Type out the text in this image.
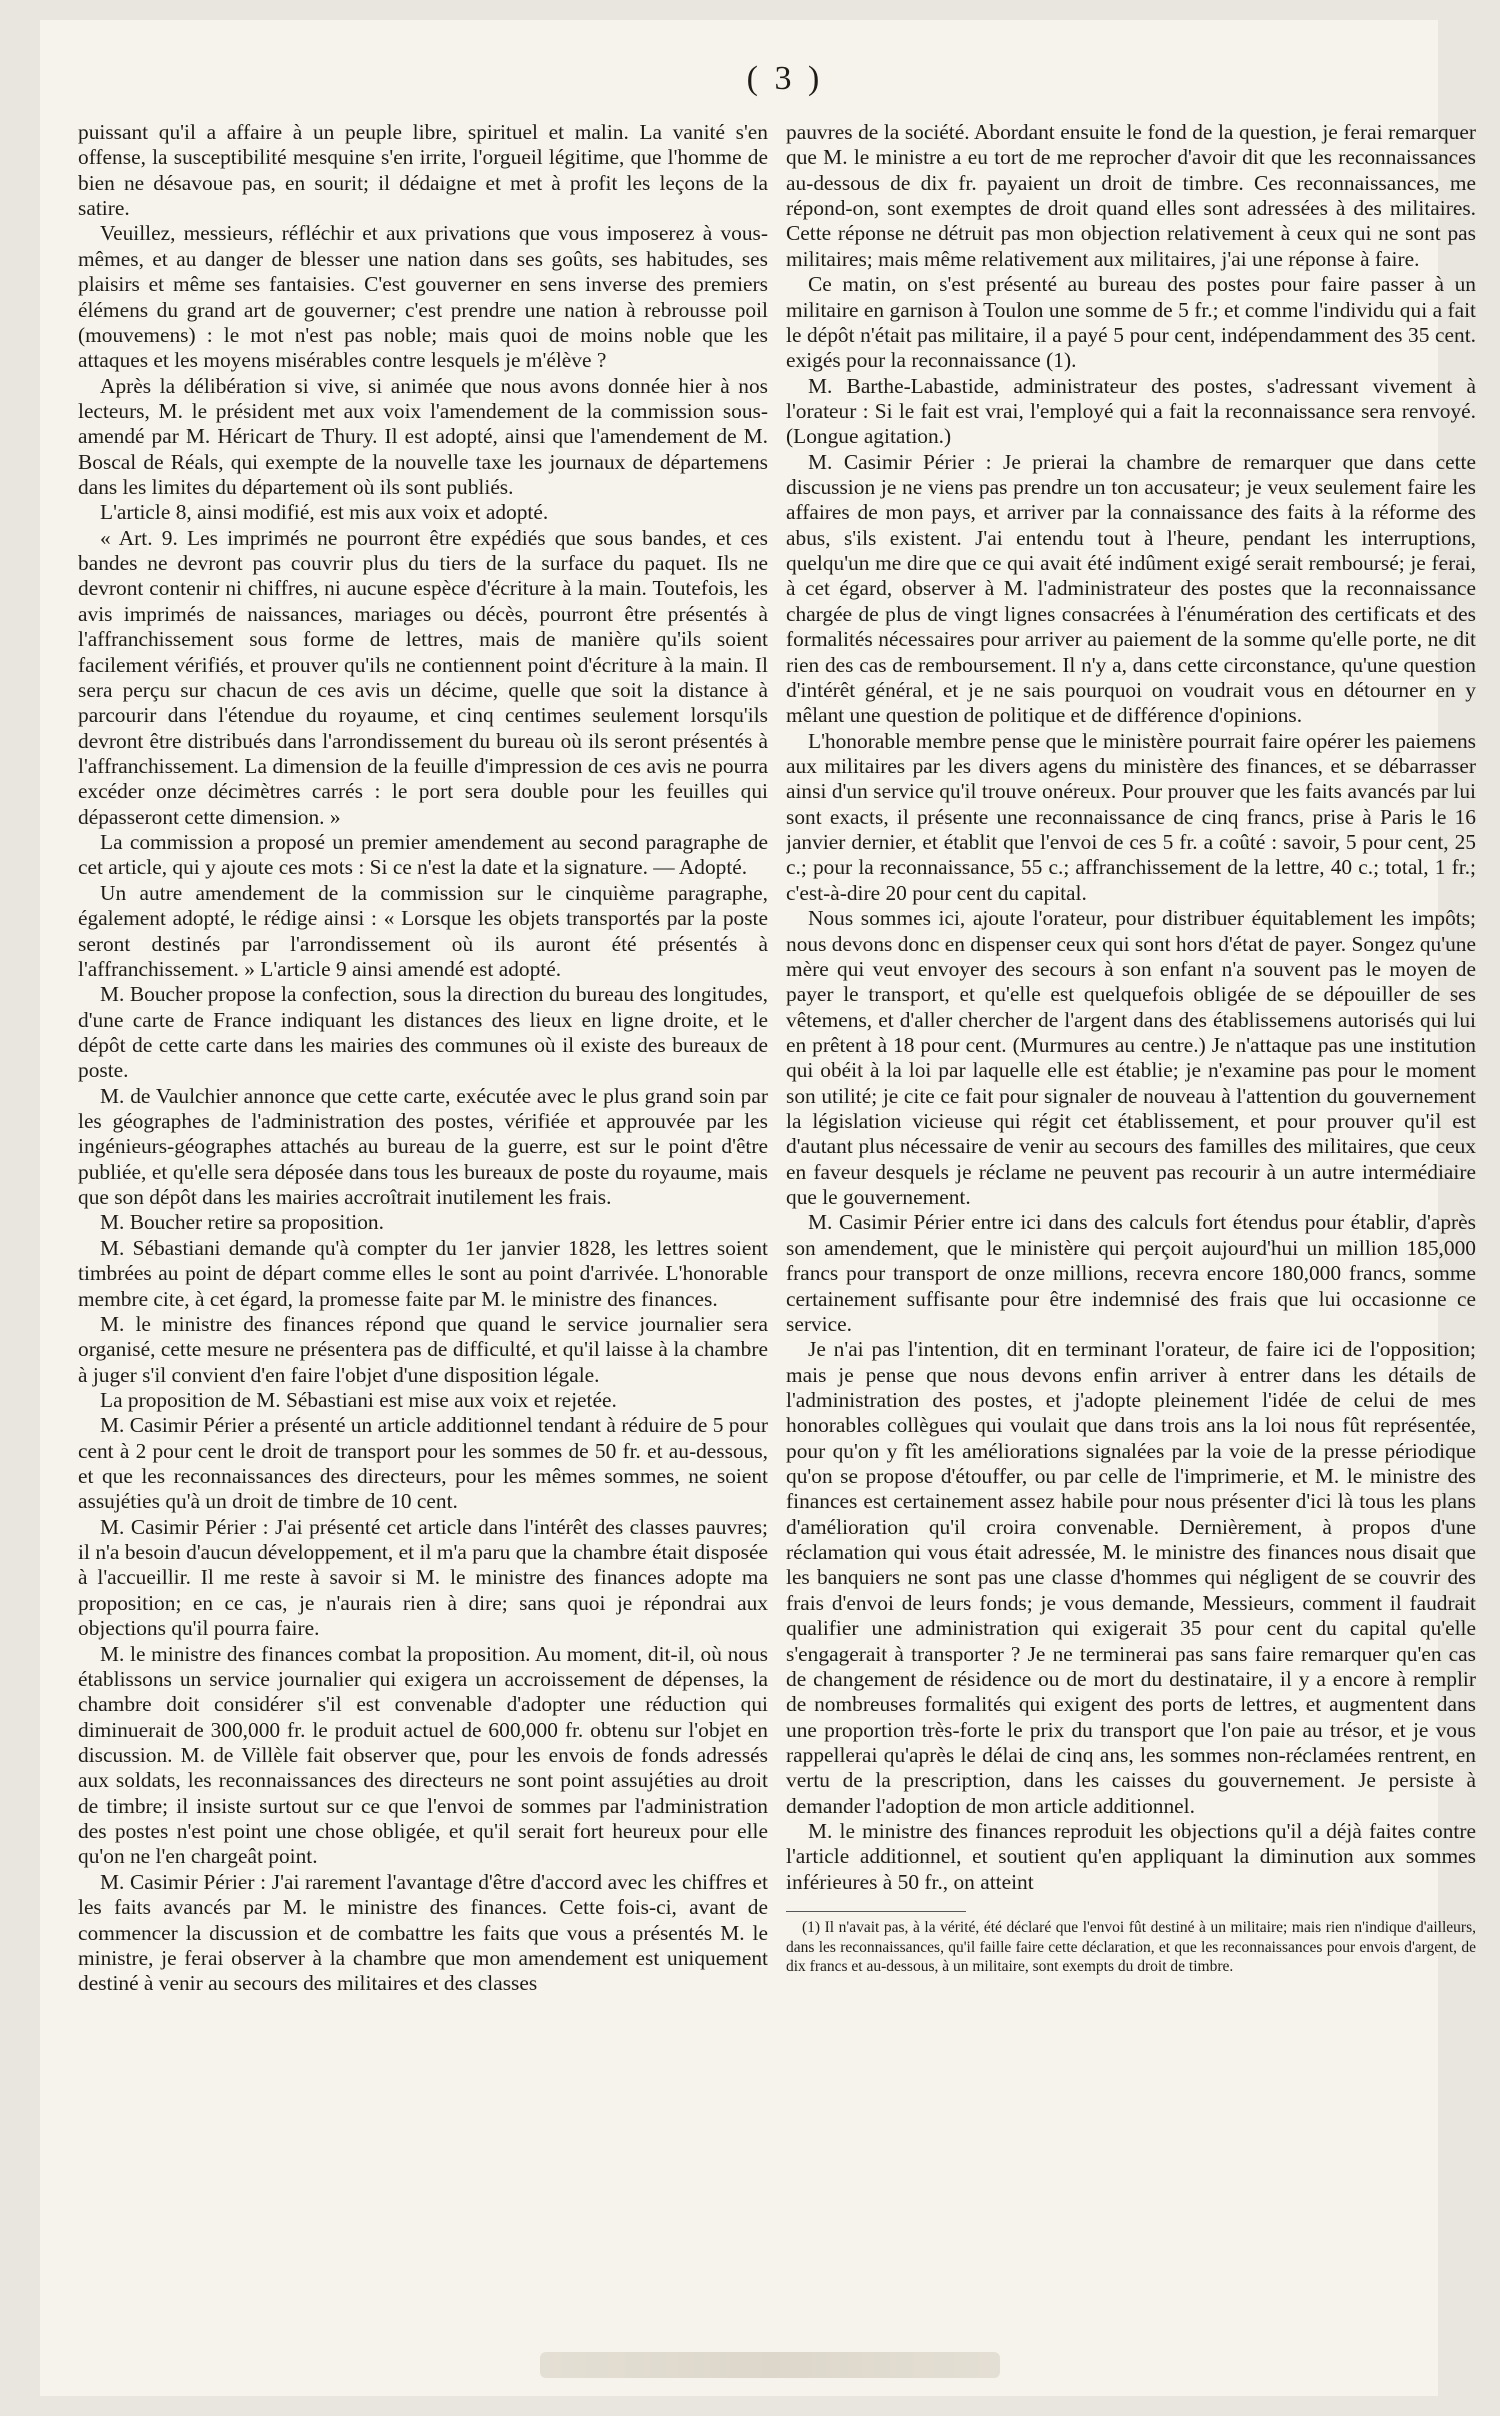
( 3 )

puissant qu'il a affaire à un peuple libre, spirituel et malin. La vanité s'en offense, la susceptibilité mesquine s'en irrite, l'orgueil légitime, que l'homme de bien ne désavoue pas, en sourit; il dédaigne et met à profit les leçons de la satire.

Veuillez, messieurs, réfléchir et aux privations que vous imposerez à vous-mêmes, et au danger de blesser une nation dans ses goûts, ses habitudes, ses plaisirs et même ses fantaisies. C'est gouverner en sens inverse des premiers élémens du grand art de gouverner; c'est prendre une nation à rebrousse poil (mouvemens) : le mot n'est pas noble; mais quoi de moins noble que les attaques et les moyens misérables contre lesquels je m'élève ?

Après la délibération si vive, si animée que nous avons donnée hier à nos lecteurs, M. le président met aux voix l'amendement de la commission sous-amendé par M. Héricart de Thury. Il est adopté, ainsi que l'amendement de M. Boscal de Réals, qui exempte de la nouvelle taxe les journaux de départemens dans les limites du département où ils sont publiés.

L'article 8, ainsi modifié, est mis aux voix et adopté.

« Art. 9. Les imprimés ne pourront être expédiés que sous bandes, et ces bandes ne devront pas couvrir plus du tiers de la surface du paquet. Ils ne devront contenir ni chiffres, ni aucune espèce d'écriture à la main. Toutefois, les avis imprimés de naissances, mariages ou décès, pourront être présentés à l'affranchissement sous forme de lettres, mais de manière qu'ils soient facilement vérifiés, et prouver qu'ils ne contiennent point d'écriture à la main. Il sera perçu sur chacun de ces avis un décime, quelle que soit la distance à parcourir dans l'étendue du royaume, et cinq centimes seulement lorsqu'ils devront être distribués dans l'arrondissement du bureau où ils seront présentés à l'affranchissement. La dimension de la feuille d'impression de ces avis ne pourra excéder onze décimètres carrés : le port sera double pour les feuilles qui dépasseront cette dimension. »

La commission a proposé un premier amendement au second paragraphe de cet article, qui y ajoute ces mots : Si ce n'est la date et la signature. — Adopté.

Un autre amendement de la commission sur le cinquième paragraphe, également adopté, le rédige ainsi : « Lorsque les objets transportés par la poste seront destinés par l'arrondissement où ils auront été présentés à l'affranchissement. » L'article 9 ainsi amendé est adopté.

M. Boucher propose la confection, sous la direction du bureau des longitudes, d'une carte de France indiquant les distances des lieux en ligne droite, et le dépôt de cette carte dans les mairies des communes où il existe des bureaux de poste.

M. de Vaulchier annonce que cette carte, exécutée avec le plus grand soin par les géographes de l'administration des postes, vérifiée et approuvée par les ingénieurs-géographes attachés au bureau de la guerre, est sur le point d'être publiée, et qu'elle sera déposée dans tous les bureaux de poste du royaume, mais que son dépôt dans les mairies accroîtrait inutilement les frais.

M. Boucher retire sa proposition.

M. Sébastiani demande qu'à compter du 1er janvier 1828, les lettres soient timbrées au point de départ comme elles le sont au point d'arrivée. L'honorable membre cite, à cet égard, la promesse faite par M. le ministre des finances.

M. le ministre des finances répond que quand le service journalier sera organisé, cette mesure ne présentera pas de difficulté, et qu'il laisse à la chambre à juger s'il convient d'en faire l'objet d'une disposition légale.

La proposition de M. Sébastiani est mise aux voix et rejetée.

M. Casimir Périer a présenté un article additionnel tendant à réduire de 5 pour cent à 2 pour cent le droit de transport pour les sommes de 50 fr. et au-dessous, et que les reconnaissances des directeurs, pour les mêmes sommes, ne soient assujéties qu'à un droit de timbre de 10 cent.

M. Casimir Périer : J'ai présenté cet article dans l'intérêt des classes pauvres; il n'a besoin d'aucun développement, et il m'a paru que la chambre était disposée à l'accueillir. Il me reste à savoir si M. le ministre des finances adopte ma proposition; en ce cas, je n'aurais rien à dire; sans quoi je répondrai aux objections qu'il pourra faire.

M. le ministre des finances combat la proposition. Au moment, dit-il, où nous établissons un service journalier qui exigera un accroissement de dépenses, la chambre doit considérer s'il est convenable d'adopter une réduction qui diminuerait de 300,000 fr. le produit actuel de 600,000 fr. obtenu sur l'objet en discussion. M. de Villèle fait observer que, pour les envois de fonds adressés aux soldats, les reconnaissances des directeurs ne sont point assujéties au droit de timbre; il insiste surtout sur ce que l'envoi de sommes par l'administration des postes n'est point une chose obligée, et qu'il serait fort heureux pour elle qu'on ne l'en chargeât point.

M. Casimir Périer : J'ai rarement l'avantage d'être d'accord avec les chiffres et les faits avancés par M. le ministre des finances. Cette fois-ci, avant de commencer la discussion et de combattre les faits que vous a présentés M. le ministre, je ferai observer à la chambre que mon amendement est uniquement destiné à venir au secours des militaires et des classes

pauvres de la société. Abordant ensuite le fond de la question, je ferai remarquer que M. le ministre a eu tort de me reprocher d'avoir dit que les reconnaissances au-dessous de dix fr. payaient un droit de timbre. Ces reconnaissances, me répond-on, sont exemptes de droit quand elles sont adressées à des militaires. Cette réponse ne détruit pas mon objection relativement à ceux qui ne sont pas militaires; mais même relativement aux militaires, j'ai une réponse à faire.

Ce matin, on s'est présenté au bureau des postes pour faire passer à un militaire en garnison à Toulon une somme de 5 fr.; et comme l'individu qui a fait le dépôt n'était pas militaire, il a payé 5 pour cent, indépendamment des 35 cent. exigés pour la reconnaissance (1).

M. Barthe-Labastide, administrateur des postes, s'adressant vivement à l'orateur : Si le fait est vrai, l'employé qui a fait la reconnaissance sera renvoyé. (Longue agitation.)

M. Casimir Périer : Je prierai la chambre de remarquer que dans cette discussion je ne viens pas prendre un ton accusateur; je veux seulement faire les affaires de mon pays, et arriver par la connaissance des faits à la réforme des abus, s'ils existent. J'ai entendu tout à l'heure, pendant les interruptions, quelqu'un me dire que ce qui avait été indûment exigé serait remboursé; je ferai, à cet égard, observer à M. l'administrateur des postes que la reconnaissance chargée de plus de vingt lignes consacrées à l'énumération des certificats et des formalités nécessaires pour arriver au paiement de la somme qu'elle porte, ne dit rien des cas de remboursement. Il n'y a, dans cette circonstance, qu'une question d'intérêt général, et je ne sais pourquoi on voudrait vous en détourner en y mêlant une question de politique et de différence d'opinions.

L'honorable membre pense que le ministère pourrait faire opérer les paiemens aux militaires par les divers agens du ministère des finances, et se débarrasser ainsi d'un service qu'il trouve onéreux. Pour prouver que les faits avancés par lui sont exacts, il présente une reconnaissance de cinq francs, prise à Paris le 16 janvier dernier, et établit que l'envoi de ces 5 fr. a coûté : savoir, 5 pour cent, 25 c.; pour la reconnaissance, 55 c.; affranchissement de la lettre, 40 c.; total, 1 fr.; c'est-à-dire 20 pour cent du capital.

Nous sommes ici, ajoute l'orateur, pour distribuer équitablement les impôts; nous devons donc en dispenser ceux qui sont hors d'état de payer. Songez qu'une mère qui veut envoyer des secours à son enfant n'a souvent pas le moyen de payer le transport, et qu'elle est quelquefois obligée de se dépouiller de ses vêtemens, et d'aller chercher de l'argent dans des établissemens autorisés qui lui en prêtent à 18 pour cent. (Murmures au centre.) Je n'attaque pas une institution qui obéit à la loi par laquelle elle est établie; je n'examine pas pour le moment son utilité; je cite ce fait pour signaler de nouveau à l'attention du gouvernement la législation vicieuse qui régit cet établissement, et pour prouver qu'il est d'autant plus nécessaire de venir au secours des familles des militaires, que ceux en faveur desquels je réclame ne peuvent pas recourir à un autre intermédiaire que le gouvernement.

M. Casimir Périer entre ici dans des calculs fort étendus pour établir, d'après son amendement, que le ministère qui perçoit aujourd'hui un million 185,000 francs pour transport de onze millions, recevra encore 180,000 francs, somme certainement suffisante pour être indemnisé des frais que lui occasionne ce service.

Je n'ai pas l'intention, dit en terminant l'orateur, de faire ici de l'opposition; mais je pense que nous devons enfin arriver à entrer dans les détails de l'administration des postes, et j'adopte pleinement l'idée de celui de mes honorables collègues qui voulait que dans trois ans la loi nous fût représentée, pour qu'on y fît les améliorations signalées par la voie de la presse périodique qu'on se propose d'étouffer, ou par celle de l'imprimerie, et M. le ministre des finances est certainement assez habile pour nous présenter d'ici là tous les plans d'amélioration qu'il croira convenable. Dernièrement, à propos d'une réclamation qui vous était adressée, M. le ministre des finances nous disait que les banquiers ne sont pas une classe d'hommes qui négligent de se couvrir des frais d'envoi de leurs fonds; je vous demande, Messieurs, comment il faudrait qualifier une administration qui exigerait 35 pour cent du capital qu'elle s'engagerait à transporter ? Je ne terminerai pas sans faire remarquer qu'en cas de changement de résidence ou de mort du destinataire, il y a encore à remplir de nombreuses formalités qui exigent des ports de lettres, et augmentent dans une proportion très-forte le prix du transport que l'on paie au trésor, et je vous rappellerai qu'après le délai de cinq ans, les sommes non-réclamées rentrent, en vertu de la prescription, dans les caisses du gouvernement. Je persiste à demander l'adoption de mon article additionnel.

M. le ministre des finances reproduit les objections qu'il a déjà faites contre l'article additionnel, et soutient qu'en appliquant la diminution aux sommes inférieures à 50 fr., on atteint

(1) Il n'avait pas, à la vérité, été déclaré que l'envoi fût destiné à un militaire; mais rien n'indique d'ailleurs, dans les reconnaissances, qu'il faille faire cette déclaration, et que les reconnaissances pour envois d'argent, de dix francs et au-dessous, à un militaire, sont exempts du droit de timbre.
